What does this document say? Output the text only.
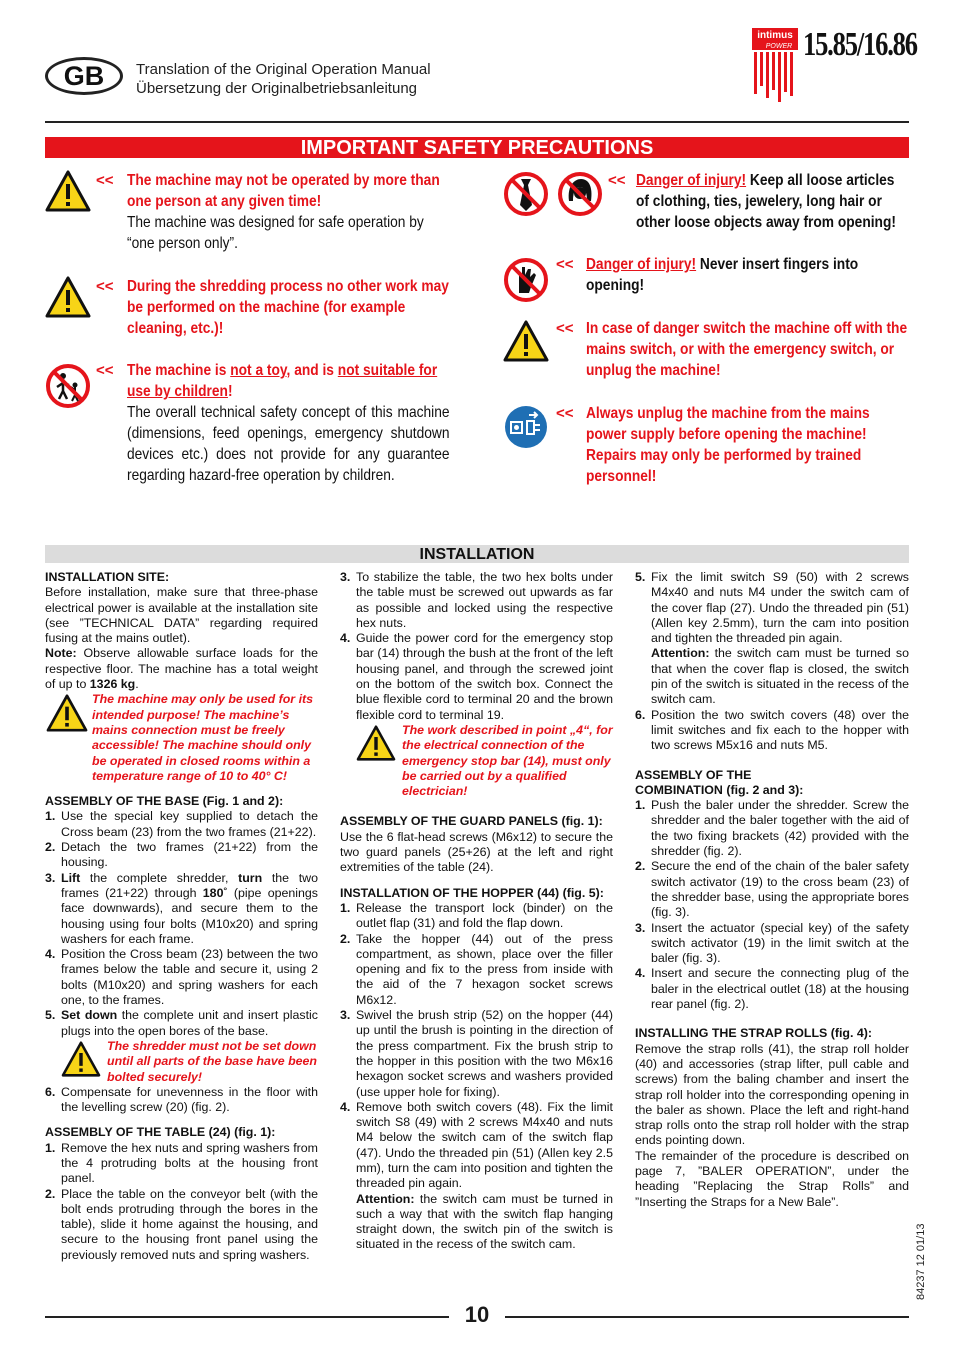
GB	Translation of the Original Operation Manual
Übersetzung der Originalbetriebsanleitung
intimus
POWER 15.85/16.86
IMPORTANT SAFETY PRECAUTIONS
<< The machine may not be operated by more than one person at any given time!
The machine was designed for safe operation by “one person only”.
<< During the shredding process no other work may be performed on the machine (for example cleaning, etc.)!
<< The machine is not a toy, and is not suitable for use by children!

The overall technical safety concept of this machine (dimensions, feed openings, emergency shutdown devices etc.) does not provide for any guarantee regarding hazard-free operation by children.
<< Danger of injury! Keep all loose articles of clothing, ties, jewelery, long hair or other loose objects away from opening!
<< Danger of injury! Never insert fingers into opening!
<< In case of danger switch the machine off with the mains switch, or with the emergency switch, or unplug the machine!
<< Always unplug the machine from the mains power supply before opening the machine!
Repairs may only be performed by trained personnel!
INSTALLATION

INSTALLATION SITE:

Before installation, make sure that three-phase electrical power is available at the installation site (see ”TECHNICAL DATA” regarding required fusing at the mains outlet).

Note: Observe allowable surface loads for the respective floor. The machine has a total weight of up to 1326 kg.

The machine may only be used for its intended purpose! The machine’s mains connection must be freely accessible! The machine should only be operated in closed rooms within a temperature range of 10 to 40° C!

ASSEMBLY OF THE BASE (Fig. 1 and 2):

1. Use the special key supplied to detach the Cross beam (23) from the two frames (21+22).
2. Detach the two frames (21+22) from the housing.
3. Lift the complete shredder, turn the two frames (21+22) through 180˚ (pipe openings face downwards), and secure them to the housing using four bolts (M10x20) and spring washers for each frame.
4. Position the Cross beam (23) between the two frames below the table and secure it, using 2 bolts (M10x20) and spring washers for each one, to the frames.
5. Set down the complete unit and insert plastic plugs into the open bores of the base.
The shredder must not be set down until all parts of the base have been bolted securely!
6. Compensate for unevenness in the floor with the levelling screw (20) (fig. 2).

ASSEMBLY OF THE TABLE (24) (fig. 1):

1. Remove the hex nuts and spring washers from the 4 protruding bolts at the housing front panel.
2. Place the table on the conveyor belt (with the bolt ends protruding through the bores in the table), slide it home against the housing, and secure to the housing front panel using the previously removed nuts and spring washers.
3. To stabilize the table, the two hex bolts under the table must be screwed out upwards as far as possible and locked using the respective hex nuts.
4. Guide the power cord for the emergency stop bar (14) through the bush at the front of the left housing panel, and through the screwed joint on the bottom of the switch box. Connect the blue flexible cord to terminal 20 and the brown flexible cord to terminal 19.
The work described in point „4“, for the electrical connection of the emergency stop bar (14), must only be carried out by a qualified electrician!

ASSEMBLY OF THE GUARD PANELS (fig. 1):

Use the 6 flat-head screws (M6x12) to secure the two guard panels (25+26) at the left and right extremities of the table (24).

INSTALLATION OF THE HOPPER (44) (fig. 5):

1. Release the transport lock (binder) on the outlet flap (31) and fold the flap down.
2. Take the hopper (44) out of the press compartment, as shown, place over the filler opening and fix to the press from inside with the aid of the 7 hexagon socket screws M6x12.
3. Swivel the brush strip (52) on the hopper (44) up until the brush is pointing in the direction of the press compartment. Fix the brush strip to the hopper in this position with the two M6x16 hexagon socket screws and washers provided (use upper hole for fixing).
4. Remove both switch covers (48). Fix the limit switch S8 (49) with 2 screws M4x40 and nuts M4 below the switch cam of the switch flap (47). Undo the threaded pin (51) (Allen key 2.5 mm), turn the cam into position and tighten the threaded pin again.
Attention: the switch cam must be turned in such a way that with the switch flap hanging straight down, the switch pin of the switch is situated in the recess of the switch cam.
5. Fix the limit switch S9 (50) with 2 screws M4x40 and nuts M4 under the switch cam of the cover flap (27). Undo the threaded pin (51) (Allen key 2.5mm), turn the cam into position and tighten the threaded pin again.
Attention: the switch cam must be turned so that when the cover flap is closed, the switch pin of the switch is situated in the recess of the switch cam.
6. Position the two switch covers (48) over the limit switches and fix each to the hopper with two screws M5x16 and nuts M5.

ASSEMBLY OF THE

COMBINATION (fig. 2 and 3):

1. Push the baler under the shredder. Screw the shredder and the baler together with the aid of the two fixing brackets (42) provided with the shredder (fig. 2).
2. Secure the end of the chain of the baler safety switch activator (19) to the cross beam (23) of the shredder base, using the appropriate bores (fig. 3).
3. Insert the actuator (special key) of the safety switch activator (19) in the limit switch at the baler (fig. 3).
4. Insert and secure the connecting plug of the baler in the electrical outlet (18) at the housing rear panel (fig. 2).

INSTALLING THE STRAP ROLLS (fig. 4):

Remove the strap rolls (41), the strap roll holder (40) and accessories (strap lifter, pull cable and screws) from the baling chamber and insert the strap roll holder into the corresponding opening in the baler as shown. Place the left and right-hand strap rolls onto the strap roll holder with the strap ends pointing down.

The remainder of the procedure is described on page 7, ”BALER OPERATION”, under the heading ”Replacing the Strap Rolls” and ”Inserting the Straps for a New Bale”.

84237 12 01/13
10
